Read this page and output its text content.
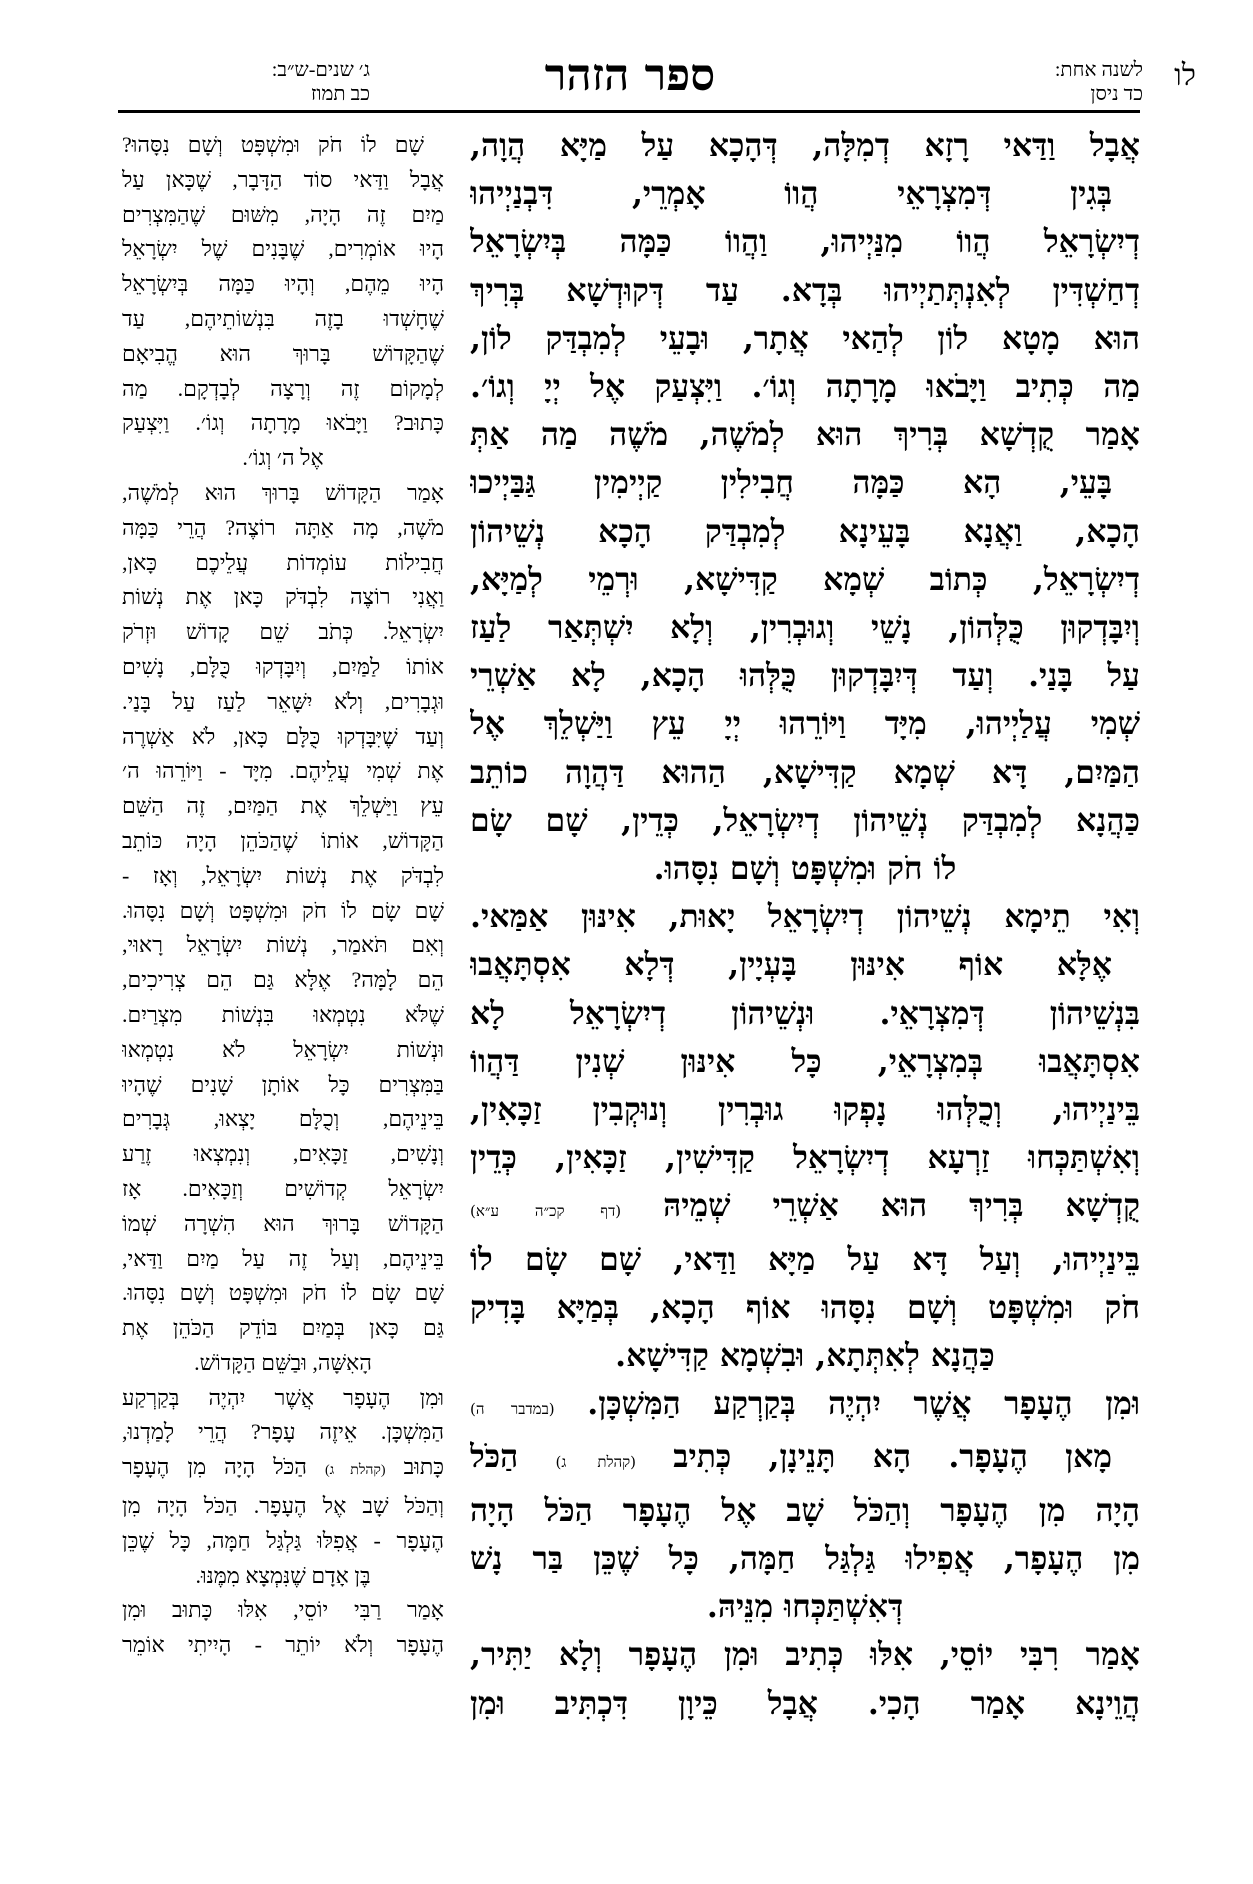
לו
לשנה אחת:
כד ניסן
ספר הזהר
ג׳ שנים-ש״ב:
כב תמוז
אֲבָל וַדַּאי רָזָא דְמִלָּה, דְּהָכָא עַל מַיָּא הֲוָה,
בְּגִין דְּמִצְרָאֵי הֲווֹ אָמְרֵי, דִּבְנַיְיהוּ
דְיִשְׂרָאֵל הֲווֹ מִנַּיְיהוּ, וַהֲווֹ כַּמָּה בְּיִשְׂרָאֵל
דְחַשְׁדִּין לְאִנְתְּתַיְיהוּ בְּדָא. עַד דְּקוּדְשָׁא בְּרִיךְ
הוּא מָטָא לוֹן לְהַאי אֲתָר, וּבָעֵי לְמִבְדַּק לוֹן,
מַה כְּתִיב וַיָּבֹאוּ מָרָתָה וְגוֹ׳. וַיִּצְעַק אֶל יְיָ וְגוֹ׳.
אָמַר קֻדְשָׁא בְּרִיךְ הוּא לְמֹשֶׁה, מֹשֶׁה מַה אַתְּ
בָּעֵי, הָא כַּמָּה חֲבִילִין קַיְימִין גַּבַּיְיכוּ
הָכָא, וַאֲנָא בָּעֵינָא לְמִבְדַּק הָכָא נְשֵׁיהוֹן
דְיִשְׂרָאֵל, כְּתוֹב שְׁמָא קַדִּישָׁא, וּרְמֵי לְמַיָּא,
וְיִבָּדְקוּן כֻּלְּהוֹן, נָשֵׁי וְגוּבְרִין, וְלָא יִשְׁתְּאַר לַעַז
עַל בָּנַי. וְעַד דְּיִבָּדְקוּן כֻּלְּהוּ הָכָא, לָא אַשְׁרֵי
שְׁמִי עֲלַיְיהוּ, מִיָּד וַיּוֹרֵהוּ יְיָ עֵץ וַיַּשְׁלֵךְ אֶל
הַמַּיִם, דָּא שְׁמָא קַדִּישָׁא, הַהוּא דַּהֲוָה כוֹתֵב
כַּהֲנָא לְמִבְדַּק נְשֵׁיהוֹן דְיִשְׂרָאֵל, כְּדֵין, שָׁם שָׂם
לוֹ חֹק וּמִשְׁפָּט וְשָׁם נִסָּהוּ.
וְאִי תֵימָא נְשֵׁיהוֹן דְיִשְׂרָאֵל יָאוּת, אִינּוּן אַמַּאי.
אֶלָּא אוֹף אִינּוּן בָּעְיָין, דְּלָא אִסְתָּאֲבוּ
בִּנְשֵׁיהוֹן דְּמִצְרָאֵי. וּנְשֵׁיהוֹן דְיִשְׂרָאֵל לָא
אִסְתָּאֲבוּ בְּמִצְרָאֵי, כָּל אִינּוּן שְׁנִין דַּהֲווֹ
בֵּינַיְיהוּ, וְכֻלְּהוּ נָפְקוּ גוּבְרִין וְנוּקְבִין זַכָּאִין,
וְאִשְׁתַּכְּחוּ זַרְעָא דְיִשְׂרָאֵל קַדִּישִׁין, זַכָּאִין, כְּדֵין
קֻדְשָׁא בְּרִיךְ הוּא אַשְׁרֵי שְׁמֵיהּ (דף קכ״ה ע״א)
בֵּינַיְיהוּ, וְעַל דָּא עַל מַיָּא וַדַּאי, שָׁם שָׂם לוֹ
חֹק וּמִשְׁפָּט וְשָׁם נִסָּהוּ אוֹף הָכָא, בְּמַיָּא בָּדִיק
כַּהֲנָא לְאִתְּתָא, וּבִשְׁמָא קַדִּישָׁא.
וּמִן הֶעָפָר אֲשֶׁר יִהְיֶה בְּקַרְקַע הַמִּשְׁכָּן. (במדבר ה)
מָאן הֶעָפָר. הָא תָּנֵינָן, כְּתִיב (קהלת ג) הַכֹּל
הָיָה מִן הֶעָפָר וְהַכֹּל שָׁב אֶל הֶעָפָר הַכֹּל הָיָה
מִן הֶעָפָר, אֲפִילוּ גַּלְגַּל חַמָּה, כָּל שֶׁכֵּן בַּר נָשׁ
דְּאִשְׁתַּכְּחוּ מִנֵּיהּ.
אָמַר רִבִּי יוֹסֵי, אִלּוּ כְּתִיב וּמִן הֶעָפָר וְלָא יַתִּיר,
הֲוֵינָא אָמַר הָכִי. אֲבָל כֵּיוָן דִּכְתִּיב וּמִן
שָׁם לוֹ חֹק וּמִשְׁפָּט וְשָׁם נִסָּהוּ?
אֲבָל וַדַּאי סוֹד הַדָּבָר, שֶׁכָּאן עַל
מַיִם זֶה הָיָה, מִשּׁוּם שֶׁהַמִּצְרִים
הָיוּ אוֹמְרִים, שֶׁבָּנִים שֶׁל יִשְׂרָאֵל
הָיוּ מֵהֶם, וְהָיוּ כַּמָּה בְּיִשְׂרָאֵל
שֶׁחָשְׁדוּ בָזֶה בִּנְשׁוֹתֵיהֶם, עַד
שֶׁהַקָּדוֹשׁ בָּרוּךְ הוּא הֱבִיאָם
לְמָקוֹם זֶה וְרָצָה לְבָדְקָם. מַה
כָּתוּב? וַיָּבֹאוּ מָרָתָה וְגוֹ׳. וַיִּצְעַק
אֶל ה׳ וְגוֹ׳.
אָמַר הַקָּדוֹשׁ בָּרוּךְ הוּא לְמֹשֶׁה,
מֹשֶׁה, מָה אַתָּה רוֹצֶה? הֲרֵי כַּמָּה
חֲבִילוֹת עוֹמְדוֹת עֲלֵיכֶם כָּאן,
וַאֲנִי רוֹצֶה לִבְדֹּק כָּאן אֶת נְשׁוֹת
יִשְׂרָאֵל. כְּתֹב שֵׁם קָדוֹשׁ וּזְרֹק
אוֹתוֹ לַמַּיִם, וְיִבָּדְקוּ כֻּלָּם, נָשִׁים
וּגְבָרִים, וְלֹא יִשָּׁאֵר לַעַז עַל בָּנַי.
וְעַד שֶׁיִּבָּדְקוּ כֻּלָּם כָּאן, לֹא אַשְׁרֶה
אֶת שְׁמִי עֲלֵיהֶם. מִיָּד - וַיּוֹרֵהוּ ה׳
עֵץ וַיַּשְׁלֵךְ אֶת הַמַּיִם, זֶה הַשֵּׁם
הַקָּדוֹשׁ, אוֹתוֹ שֶׁהַכֹּהֵן הָיָה כּוֹתֵב
לִבְדֹּק אֶת נְשׁוֹת יִשְׂרָאֵל, וְאָז -
שָׁם שָׂם לוֹ חֹק וּמִשְׁפָּט וְשָׁם נִסָּהוּ.
וְאִם תֹּאמַר, נְשׁוֹת יִשְׂרָאֵל רָאוּי,
הֵם לָמָּה? אֶלָּא גַּם הֵם צְרִיכִים,
שֶׁלֹּא נִטְמְאוּ בִּנְשׁוֹת מִצְרַיִם.
וּנְשׁוֹת יִשְׂרָאֵל לֹא נִטְמְאוּ
בַּמִּצְרִים כָּל אוֹתָן שָׁנִים שֶׁהָיוּ
בֵּינֵיהֶם, וְכֻלָּם יָצְאוּ, גְּבָרִים
וְנָשִׁים, זַכָּאִים, וְנִמְצְאוּ זֶרַע
יִשְׂרָאֵל קְדוֹשִׁים וְזַכָּאִים. אָז
הַקָּדוֹשׁ בָּרוּךְ הוּא הִשְׁרָה שְׁמוֹ
בֵּינֵיהֶם, וְעַל זֶה עַל מַיִם וַדַּאי,
שָׁם שָׂם לוֹ חֹק וּמִשְׁפָּט וְשָׁם נִסָּהוּ.
גַּם כָּאן בְּמַיִם בּוֹדֵק הַכֹּהֵן אֶת
הָאִשָּׁה, וּבַשֵּׁם הַקָּדוֹשׁ.
וּמִן הֶעָפָר אֲשֶׁר יִהְיֶה בְּקַרְקַע
הַמִּשְׁכָּן. אֵיזֶה עָפָר? הֲרֵי לָמַדְנוּ,
כָּתוּב (קהלת ג) הַכֹּל הָיָה מִן הֶעָפָר
וְהַכֹּל שָׁב אֶל הֶעָפָר. הַכֹּל הָיָה מִן
הֶעָפָר - אֲפִלּוּ גַּלְגַּל חַמָּה, כָּל שֶׁכֵּן
בֶּן אָדָם שֶׁנִּמְצָא מִמֶּנּוּ.
אָמַר רַבִּי יוֹסֵי, אִלּוּ כָּתוּב וּמִן
הֶעָפָר וְלֹא יוֹתֵר - הָיִיתִי אוֹמֵר
